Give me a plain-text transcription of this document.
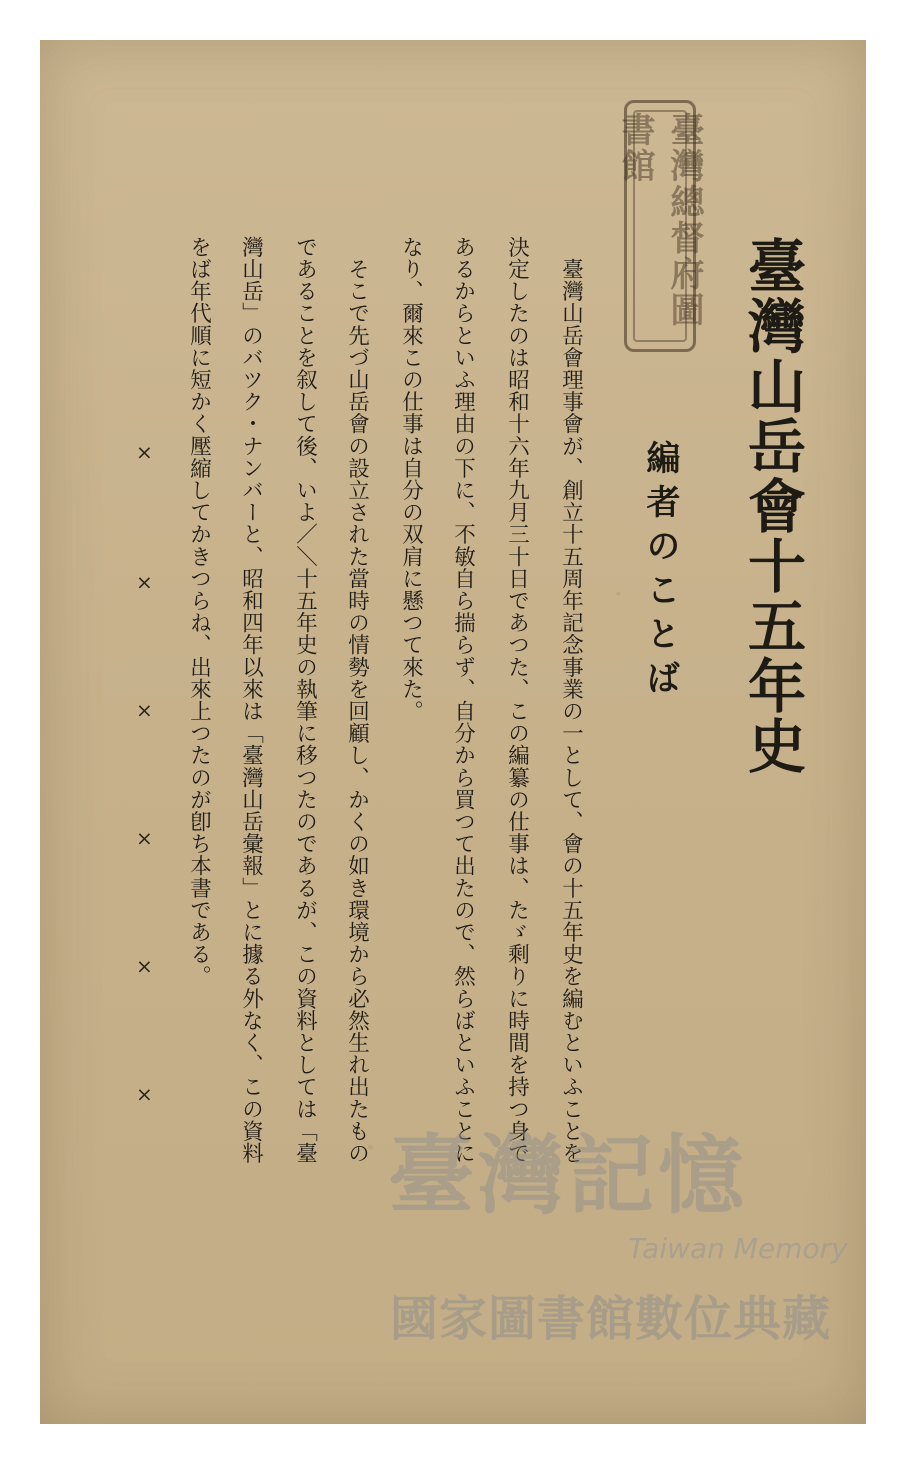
臺灣山岳會十五年史
臺灣總督府圖書館
編者のことば
　臺灣山岳會理事會が、創立十五周年記念事業の一として、會の十五年史を編むといふことを
決定したのは昭和十六年九月三十日であつた、この編纂の仕事は、たゞ剩りに時間を持つ身で
あるからといふ理由の下に、不敏自ら揣らず、自分から買つて出たので、然らばといふことに
なり、爾來この仕事は自分の双肩に懸つて來た。
　そこで先づ山岳會の設立された當時の情勢を回顧し、かくの如き環境から必然生れ出たもの
であることを叙して後、いよ／＼十五年史の執筆に移つたのであるが、この資料としては「臺
灣山岳」のバツク・ナンバーと、昭和四年以來は「臺灣山岳彙報」とに據る外なく、この資料
をば年代順に短かく壓縮してかきつらね、出來上つたのが卽ち本書である。
×
×
×
×
×
×
臺灣記憶
Taiwan Memory
國家圖書館數位典藏
